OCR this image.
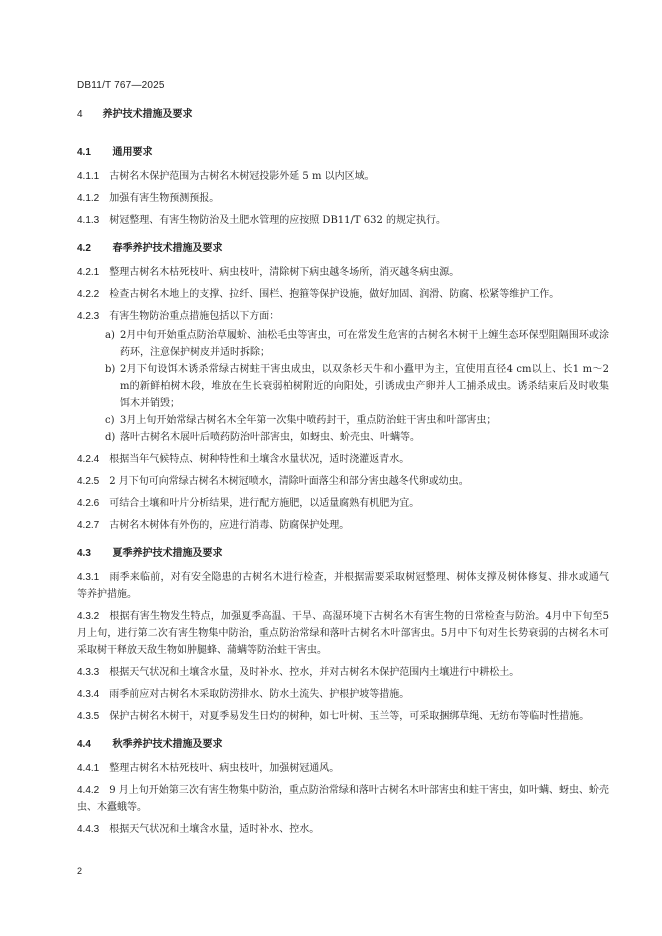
DB11/T 767—2025
4 养护技术措施及要求
4.1 通用要求
4.1.1 古树名木保护范围为古树名木树冠投影外延 5 m 以内区域。
4.1.2 加强有害生物预测预报。
4.1.3 树冠整理、有害生物防治及土肥水管理的应按照 DB11/T 632 的规定执行。
4.2 春季养护技术措施及要求
4.2.1 整理古树名木枯死枝叶、病虫枝叶，清除树下病虫越冬场所，消灭越冬病虫源。
4.2.2 检查古树名木地上的支撑、拉纤、围栏、抱箍等保护设施，做好加固、润滑、防腐、松紧等维护工作。
4.2.3 有害生物防治重点措施包括以下方面：
a) 2月中旬开始重点防治草履蚧、油松毛虫等害虫，可在常发生危害的古树名木树干上缠生态环保型阻隔围环或涂药环，注意保护树皮并适时拆除；
b) 2月下旬设饵木诱杀常绿古树蛀干害虫成虫，以双条杉天牛和小蠹甲为主，宜使用直径4 cm以上、长1 m～2 m的新鲜柏树木段，堆放在生长衰弱柏树附近的向阳处，引诱成虫产卵并人工捕杀成虫。诱杀结束后及时收集饵木并销毁；
c) 3月上旬开始常绿古树名木全年第一次集中喷药封干，重点防治蛀干害虫和叶部害虫；
d) 落叶古树名木展叶后喷药防治叶部害虫，如蚜虫、蚧壳虫、叶螨等。
4.2.4 根据当年气候特点、树种特性和土壤含水量状况，适时浇灌返青水。
4.2.5 2 月下旬可向常绿古树名木树冠喷水，清除叶面落尘和部分害虫越冬代卵或幼虫。
4.2.6 可结合土壤和叶片分析结果，进行配方施肥，以适量腐熟有机肥为宜。
4.2.7 古树名木树体有外伤的，应进行消毒、防腐保护处理。
4.3 夏季养护技术措施及要求
4.3.1 雨季来临前，对有安全隐患的古树名木进行检查，并根据需要采取树冠整理、树体支撑及树体修复、排水或通气等养护措施。
4.3.2 根据有害生物发生特点，加强夏季高温、干旱、高湿环境下古树名木有害生物的日常检查与防治。4月中下旬至5月上旬，进行第二次有害生物集中防治，重点防治常绿和落叶古树名木叶部害虫。5月中下旬对生长势衰弱的古树名木可采取树干释放天敌生物如肿腿蜂、蒲螨等防治蛀干害虫。
4.3.3 根据天气状况和土壤含水量，及时补水、控水，并对古树名木保护范围内土壤进行中耕松土。
4.3.4 雨季前应对古树名木采取防涝排水、防水土流失、护根护坡等措施。
4.3.5 保护古树名木树干，对夏季易发生日灼的树种，如七叶树、玉兰等，可采取捆绑草绳、无纺布等临时性措施。
4.4 秋季养护技术措施及要求
4.4.1 整理古树名木枯死枝叶、病虫枝叶，加强树冠通风。
4.4.2 9 月上旬开始第三次有害生物集中防治，重点防治常绿和落叶古树名木叶部害虫和蛀干害虫，如叶螨、蚜虫、蚧壳虫、木蠹蛾等。
4.4.3 根据天气状况和土壤含水量，适时补水、控水。
2
